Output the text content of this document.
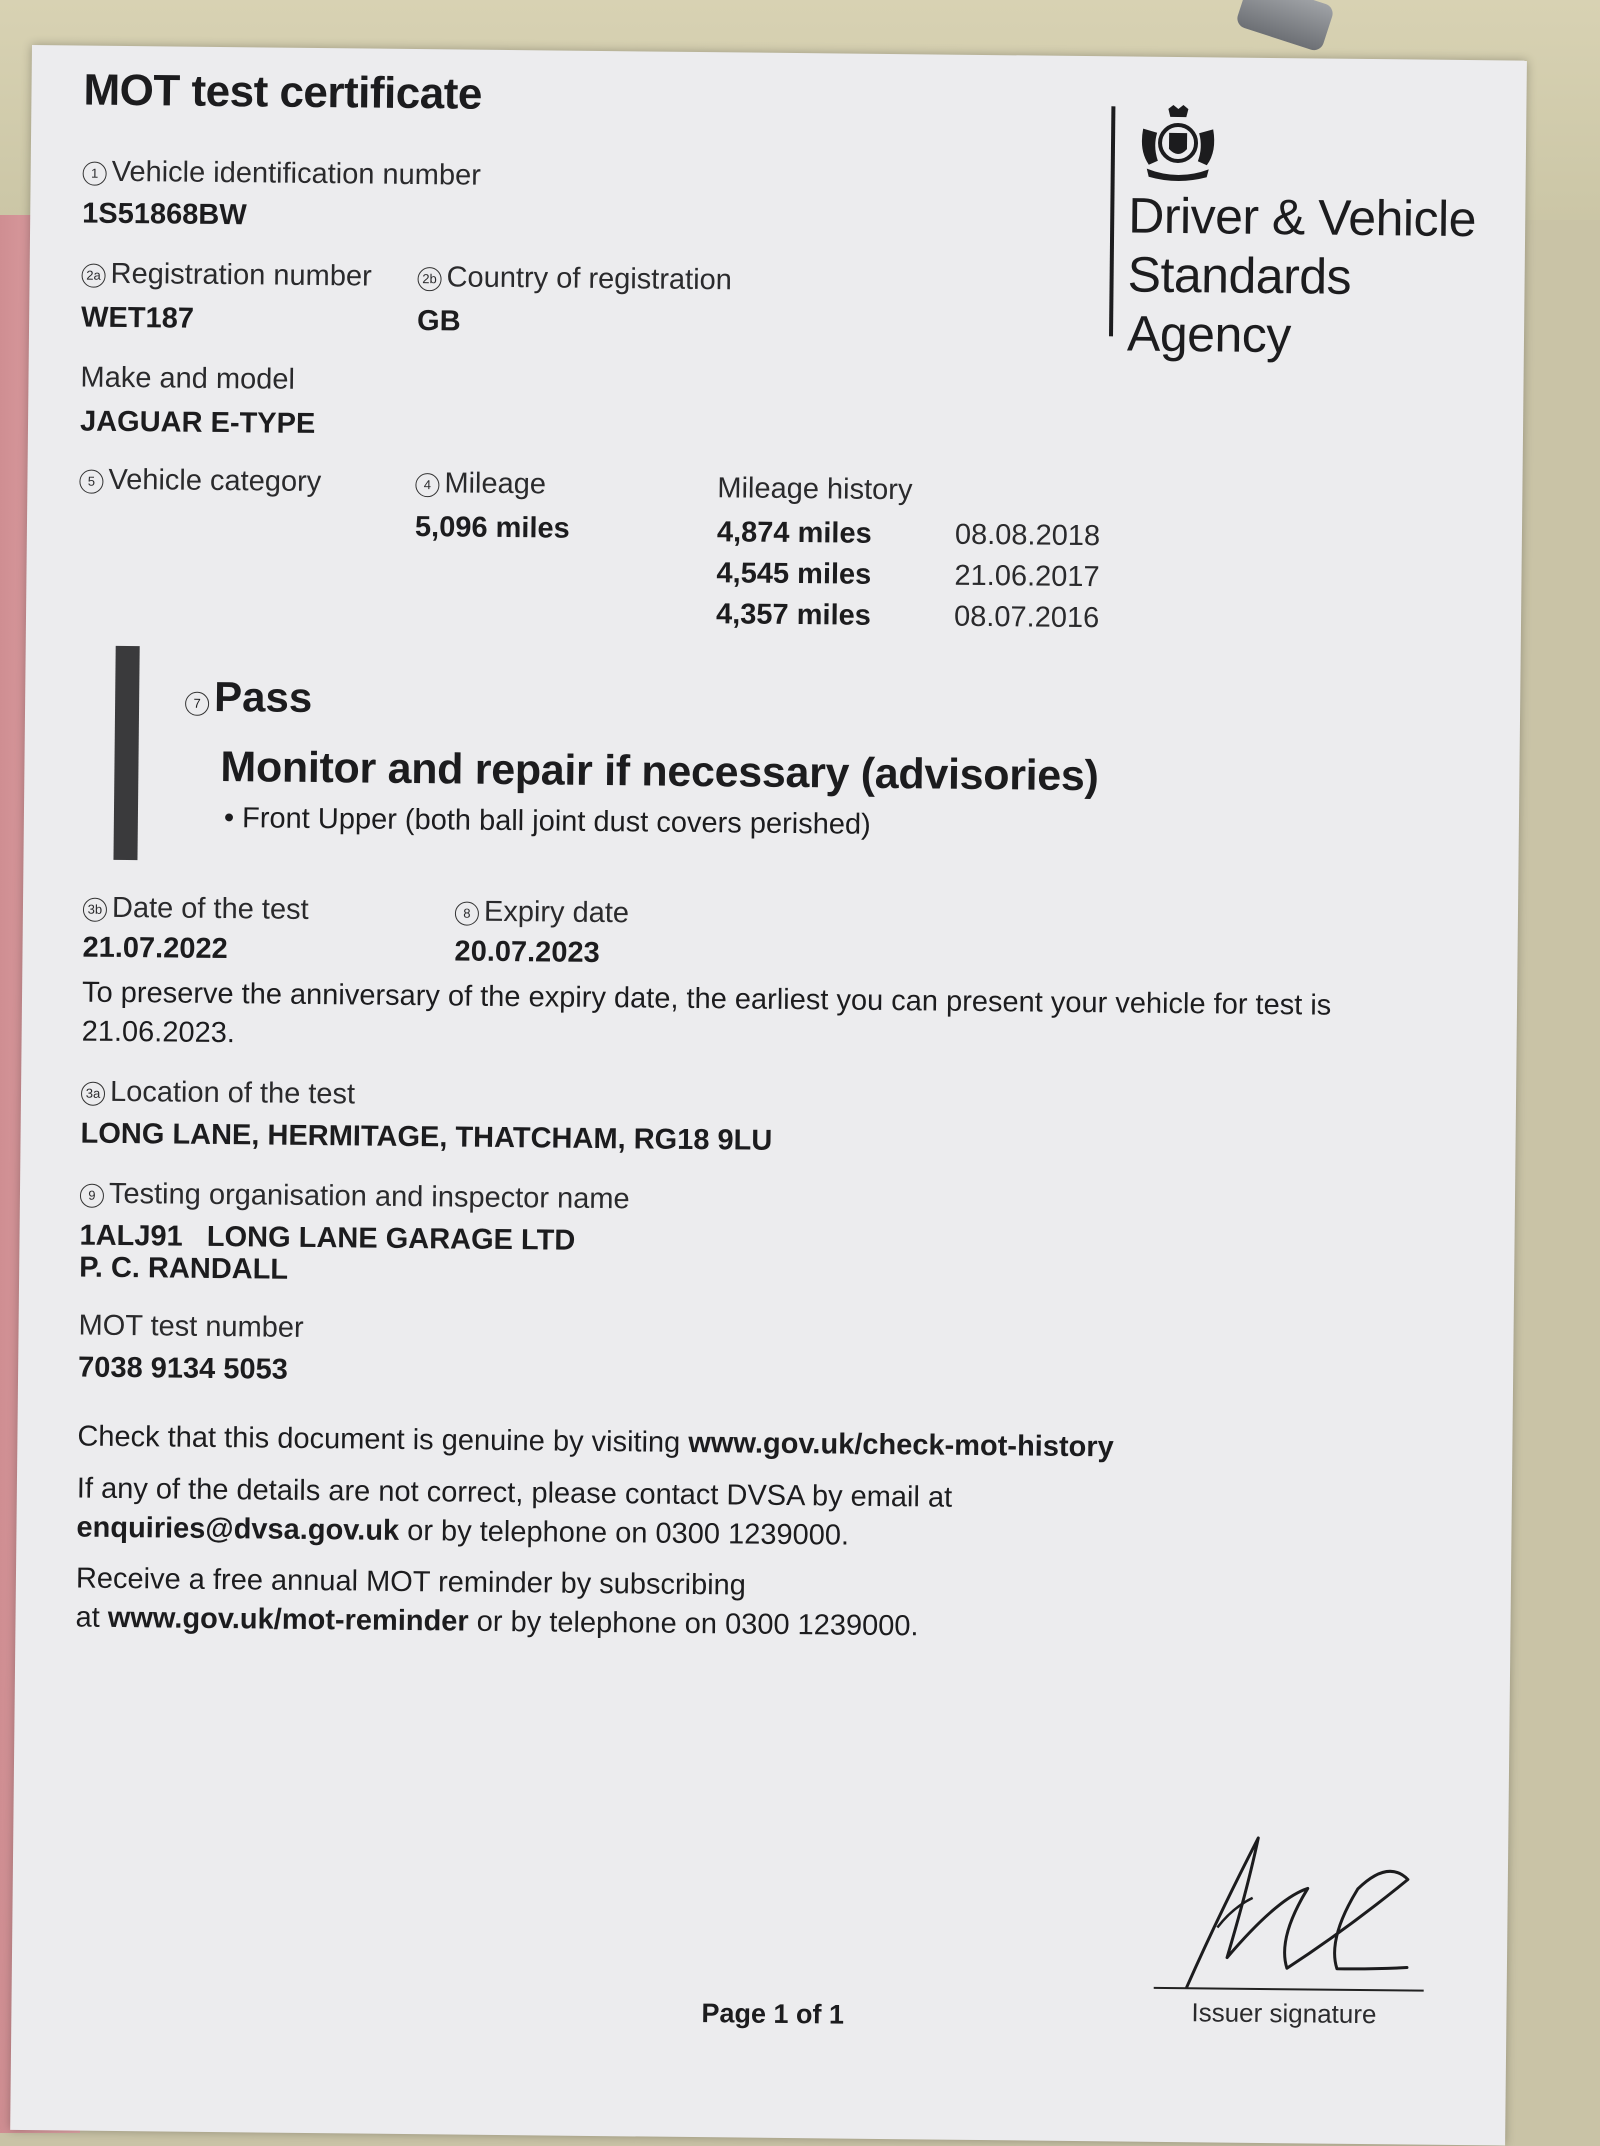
MOT test certificate
1 Vehicle identification number
1S51868BW
2a Registration number
WET187
2b Country of registration
GB
Make and model
JAGUAR E-TYPE
5 Vehicle category	4 Mileage
5,096 miles
Mileage history
4,874 miles	08.08.2018
4,545 miles	21.06.2017
4,357 miles	08.07.2016
Driver & Vehicle
Standards
Agency
7 Pass
Monitor and repair if necessary (advisories)
• Front Upper (both ball joint dust covers perished)
3b Date of the test
21.07.2022
8 Expiry date
20.07.2023
To preserve the anniversary of the expiry date, the earliest you can present your vehicle for test is
21.06.2023.
3a Location of the test
LONG LANE, HERMITAGE, THATCHAM, RG18 9LU
9 Testing organisation and inspector name
1ALJ91   LONG LANE GARAGE LTD
P. C. RANDALL
MOT test number
7038 9134 5053
Check that this document is genuine by visiting www.gov.uk/check-mot-history
If any of the details are not correct, please contact DVSA by email at
enquiries@dvsa.gov.uk or by telephone on 0300 1239000.
Receive a free annual MOT reminder by subscribing
at www.gov.uk/mot-reminder or by telephone on 0300 1239000.
Page 1 of 1	Issuer signature
